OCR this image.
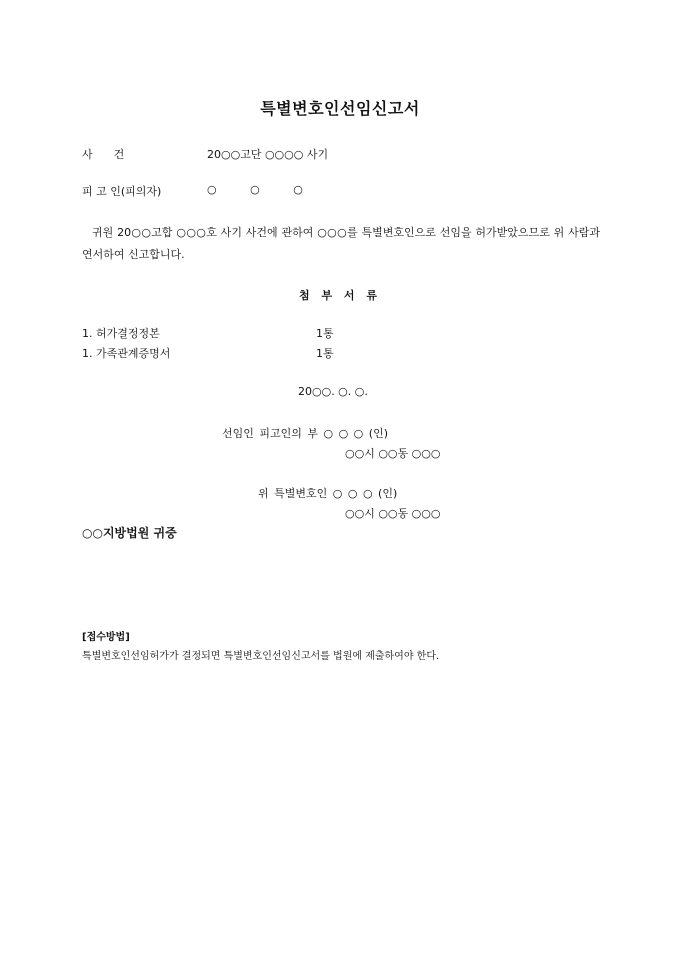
특별변호인선임신고서
사      건	20○○고단 ○○○○ 사기
피 고 인(피의자)	○ ○ ○
귀원 20○○고합 ○○○호 사기 사건에 관하여 ○○○를 특별변호인으로 선임을 허가받았으므로 위 사람과 연서하여 신고합니다.
첨 부 서 류
1. 허가결정정본	1통
1. 가족관계증명서	1통
20○○. ○. ○.
선임인 피고인의 부 ○ ○ ○ (인)
○○시 ○○동 ○○○
위 특별변호인 ○ ○ ○ (인)
○○시 ○○동 ○○○
○○지방법원 귀중
[접수방법]
특별변호인선임허가가 결정되면 특별변호인선임신고서를 법원에 제출하여야 한다.
